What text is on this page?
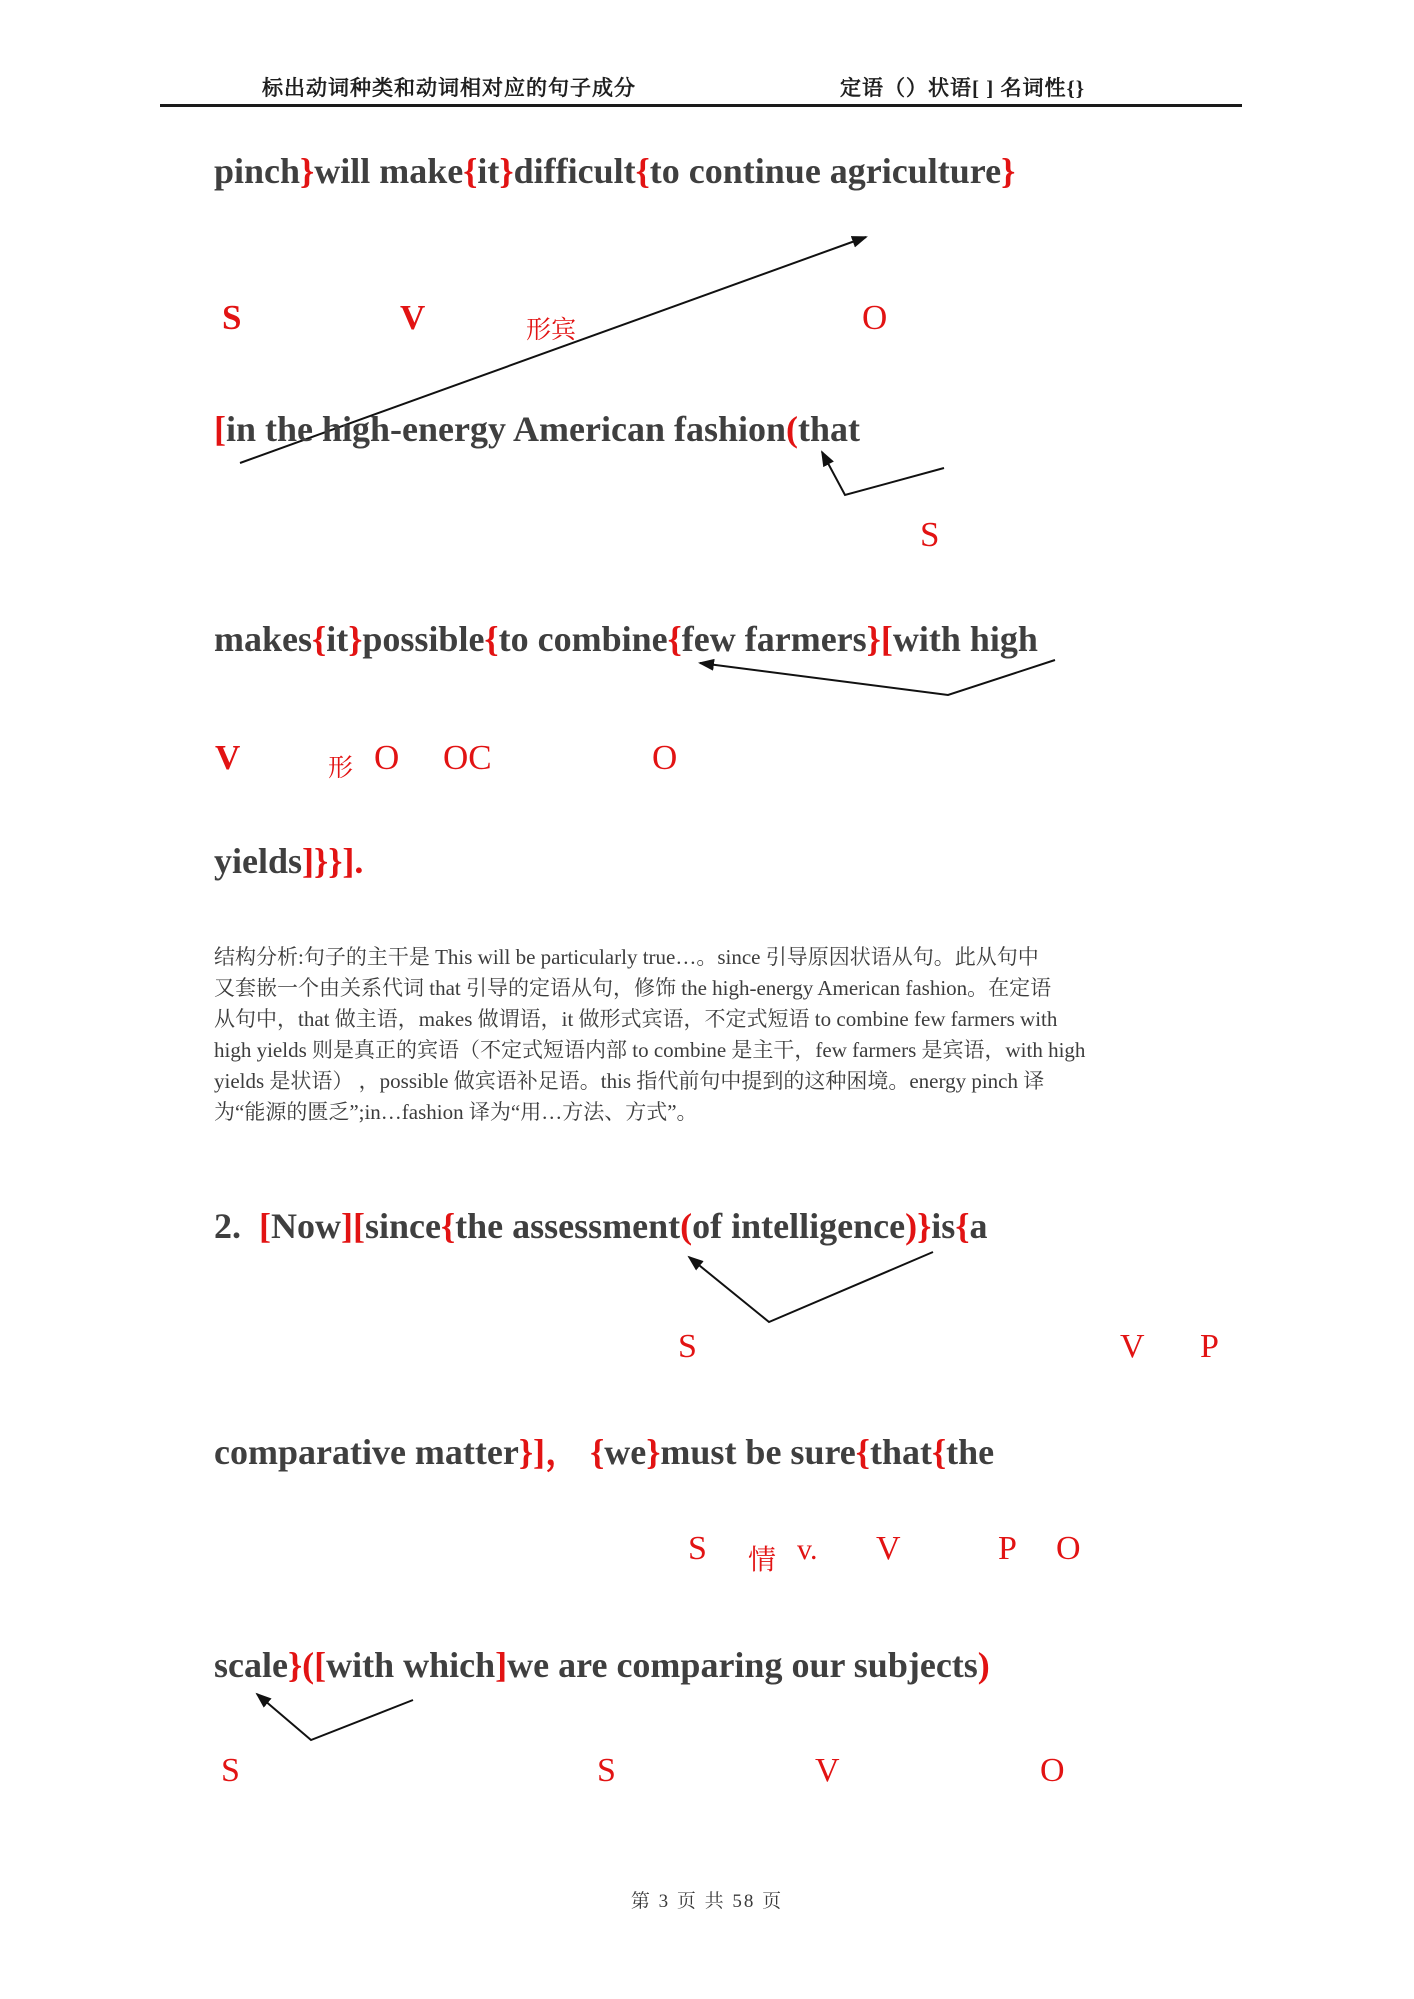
标出动词种类和动词相对应的句子成分	定语（）状语[ ] 名词性{}
pinch}will make{it}difficult{to continue agriculture}
[in the high-energy American fashion(that
makes{it}possible{to combine{few farmers}[with high
yields]}}].
2.  [Now][since{the assessment(of intelligence)}is{a
comparative matter}]， {we}must be sure{that{the
scale}([with which]we are comparing our subjects)
S	V	形宾	O
S
V	形 O OC	O
S	V P
S 情 v. V	P O
S	S	V	O
结构分析:句子的主干是 This will be particularly true…。since 引导原因状语从句。此从句中
又套嵌一个由关系代词 that 引导的定语从句，修饰 the high-energy American fashion。在定语
从句中，that 做主语，makes 做谓语，it 做形式宾语，不定式短语 to combine few farmers with
high yields 则是真正的宾语（不定式短语内部 to combine 是主干，few farmers 是宾语，with high
yields 是状语） ，possible 做宾语补足语。this 指代前句中提到的这种困境。energy pinch 译
为“能源的匮乏”;in…fashion 译为“用…方法、方式”。
第 3 页 共 58 页
